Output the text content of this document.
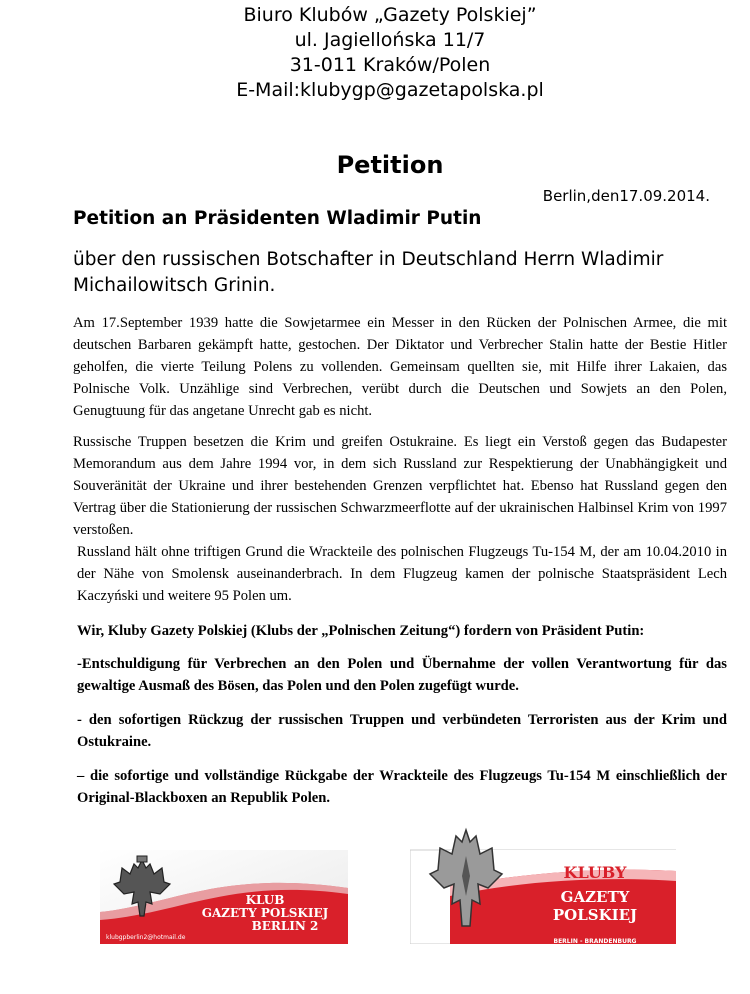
Biuro Klubów „Gazety Polskiej”
ul. Jagiellońska 11/7
31-011 Kraków/Polen
E-Mail:klubygp@gazetapolska.pl
Petition
Berlin,den17.09.2014.
Petition an Präsidenten Wladimir Putin
über den russischen Botschafter in Deutschland Herrn Wladimir Michailowitsch Grinin.
Am 17.September 1939 hatte die Sowjetarmee ein Messer in den Rücken der Polnischen Armee, die mit deutschen Barbaren gekämpft hatte, gestochen. Der Diktator und Verbrecher Stalin hatte der Bestie Hitler geholfen, die vierte Teilung Polens zu vollenden. Gemeinsam quellten sie, mit Hilfe ihrer Lakaien, das Polnische Volk. Unzählige sind Verbrechen, verübt durch die Deutschen und Sowjets an den Polen, Genugtuung für das angetane Unrecht gab es nicht.
Russische Truppen besetzen die Krim und greifen Ostukraine. Es liegt ein Verstoß gegen das Budapester Memorandum aus dem Jahre 1994 vor, in dem sich Russland zur Respektierung der Unabhängigkeit und Souveränität der Ukraine und ihrer bestehenden Grenzen verpflichtet hat. Ebenso hat Russland gegen den Vertrag über die Stationierung der russischen Schwarzmeerflotte auf der ukrainischen Halbinsel Krim von 1997 verstoßen.
Russland hält ohne triftigen Grund die Wrackteile des polnischen Flugzeugs Tu-154 M, der am 10.04.2010 in der Nähe von Smolensk auseinanderbrach. In dem Flugzeug kamen der polnische Staatspräsident Lech Kaczyński und weitere 95 Polen um.
Wir, Kluby Gazety Polskiej (Klubs der „Polnischen Zeitung“) fordern von Präsident Putin:
-Entschuldigung für Verbrechen an den Polen und Übernahme der vollen Verantwortung für das gewaltige Ausmaß des Bösen, das Polen und den Polen zugefügt wurde.
- den sofortigen Rückzug der russischen Truppen und verbündeten Terroristen aus der Krim und Ostukraine.
– die sofortige und vollständige Rückgabe der Wrackteile des Flugzeugs Tu-154 M einschließlich der Original-Blackboxen an Republik Polen.
KLUB
GAZETY POLSKIEJ
BERLIN 2
klubgpberlin2@hotmail.de
KLUBY
GAZETY POLSKIEJ
BERLIN - BRANDENBURG
